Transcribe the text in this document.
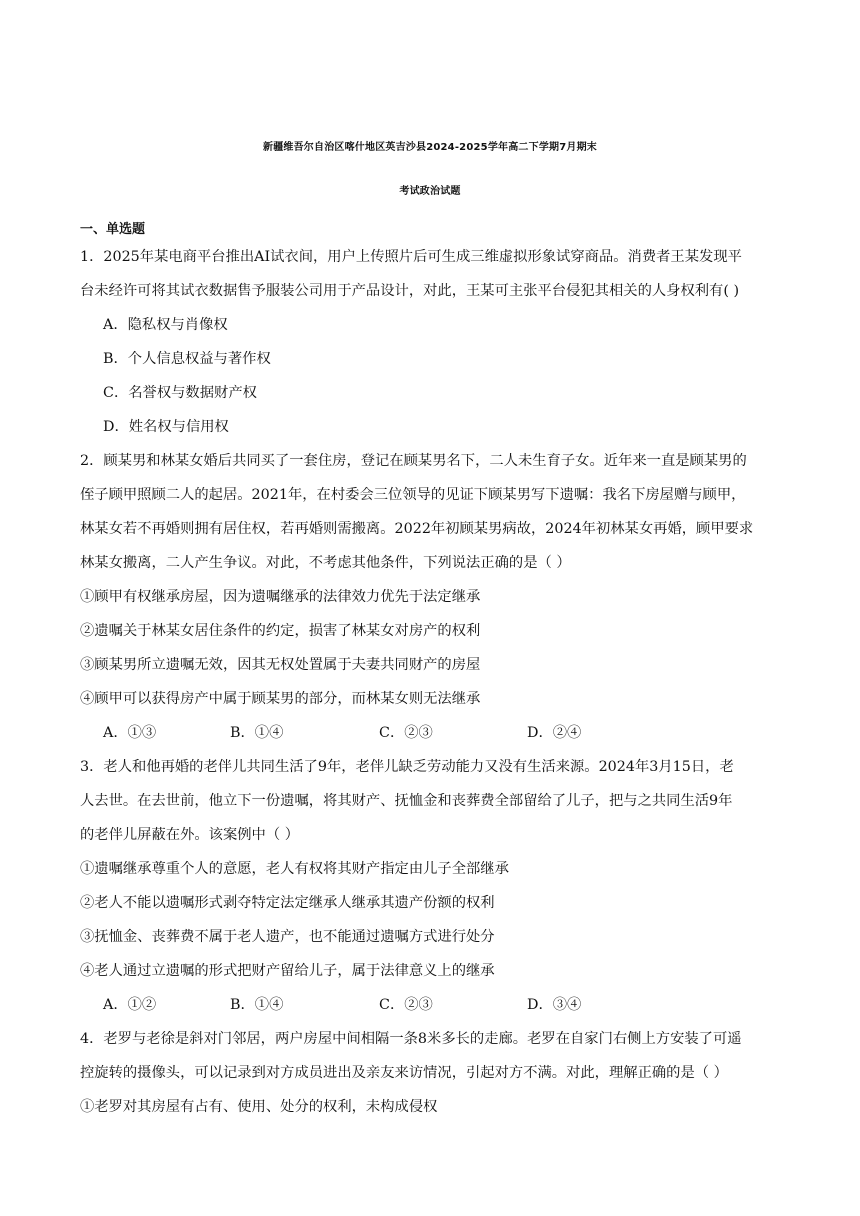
新疆维吾尔自治区喀什地区英吉沙县2024-2025学年高二下学期7月期末
考试政治试题
一、单选题
1．2025年某电商平台推出AI试衣间，用户上传照片后可生成三维虚拟形象试穿商品。消费者王某发现平
台未经许可将其试衣数据售予服装公司用于产品设计，对此，王某可主张平台侵犯其相关的人身权利有( )
A．隐私权与肖像权
B．个人信息权益与著作权
C．名誉权与数据财产权
D．姓名权与信用权
2．顾某男和林某女婚后共同买了一套住房，登记在顾某男名下，二人未生育子女。近年来一直是顾某男的
侄子顾甲照顾二人的起居。2021年，在村委会三位领导的见证下顾某男写下遗嘱：我名下房屋赠与顾甲，
林某女若不再婚则拥有居住权，若再婚则需搬离。2022年初顾某男病故，2024年初林某女再婚，顾甲要求
林某女搬离，二人产生争议。对此，不考虑其他条件，下列说法正确的是（ ）
①顾甲有权继承房屋，因为遗嘱继承的法律效力优先于法定继承
②遗嘱关于林某女居住条件的约定，损害了林某女对房产的权利
③顾某男所立遗嘱无效，因其无权处置属于夫妻共同财产的房屋
④顾甲可以获得房产中属于顾某男的部分，而林某女则无法继承
A．①③	B．①④	C．②③	D．②④
3．老人和他再婚的老伴儿共同生活了9年，老伴儿缺乏劳动能力又没有生活来源。2024年3月15日，老
人去世。在去世前，他立下一份遗嘱，将其财产、抚恤金和丧葬费全部留给了儿子，把与之共同生活9年
的老伴儿屏蔽在外。该案例中（ ）
①遗嘱继承尊重个人的意愿，老人有权将其财产指定由儿子全部继承
②老人不能以遗嘱形式剥夺特定法定继承人继承其遗产份额的权利
③抚恤金、丧葬费不属于老人遗产，也不能通过遗嘱方式进行处分
④老人通过立遗嘱的形式把财产留给儿子，属于法律意义上的继承
A．①②	B．①④	C．②③	D．③④
4．老罗与老徐是斜对门邻居，两户房屋中间相隔一条8米多长的走廊。老罗在自家门右侧上方安装了可遥
控旋转的摄像头，可以记录到对方成员进出及亲友来访情况，引起对方不满。对此，理解正确的是（ ）
①老罗对其房屋有占有、使用、处分的权利，未构成侵权
